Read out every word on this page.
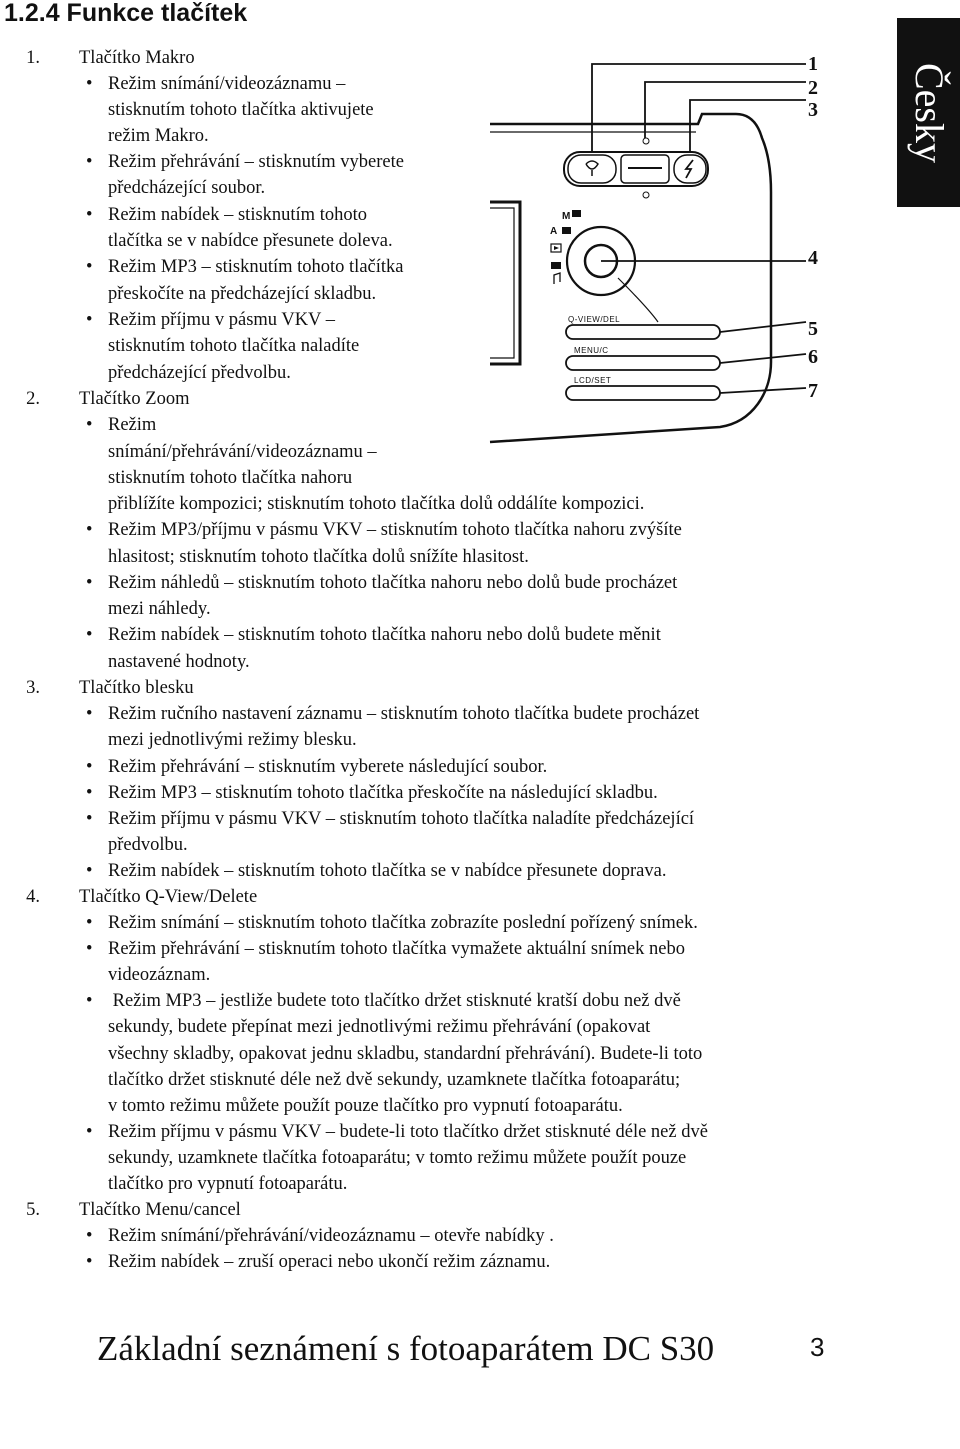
1.2.4 Funkce tlačítek
Česky
M
A
Q-VIEW/DEL
MENU/C
LCD/SET
1
2
3
4
5
6
7
1. Tlačítko Makro
• Režim snímání/videozáznamu –
stisknutím tohoto tlačítka aktivujete
režim Makro.
• Režim přehrávání – stisknutím vyberete
předcházející soubor.
• Režim nabídek – stisknutím tohoto
tlačítka se v nabídce přesunete doleva.
• Režim MP3 – stisknutím tohoto tlačítka
přeskočíte na předcházející skladbu.
• Režim příjmu v pásmu VKV –
stisknutím tohoto tlačítka naladíte
předcházející předvolbu.
2. Tlačítko Zoom
• Režim
snímání/přehrávání/videozáznamu –
stisknutím tohoto tlačítka nahoru
přiblížíte kompozici; stisknutím tohoto tlačítka dolů oddálíte kompozici.
• Režim MP3/příjmu v pásmu VKV – stisknutím tohoto tlačítka nahoru zvýšíte
hlasitost; stisknutím tohoto tlačítka dolů snížíte hlasitost.
• Režim náhledů – stisknutím tohoto tlačítka nahoru nebo dolů bude procházet
mezi náhledy.
• Režim nabídek – stisknutím tohoto tlačítka nahoru nebo dolů budete měnit
nastavené hodnoty.
3. Tlačítko blesku
• Režim ručního nastavení záznamu – stisknutím tohoto tlačítka budete procházet
mezi jednotlivými režimy blesku.
• Režim přehrávání – stisknutím vyberete následující soubor.
• Režim MP3 – stisknutím tohoto tlačítka přeskočíte na následující skladbu.
• Režim příjmu v pásmu VKV – stisknutím tohoto tlačítka naladíte předcházející
předvolbu.
• Režim nabídek – stisknutím tohoto tlačítka se v nabídce přesunete doprava.
4. Tlačítko Q-View/Delete
• Režim snímání – stisknutím tohoto tlačítka zobrazíte poslední pořízený snímek.
• Režim přehrávání – stisknutím tohoto tlačítka vymažete aktuální snímek nebo
videozáznam.
• Režim MP3 – jestliže budete toto tlačítko držet stisknuté kratší dobu než dvě
sekundy, budete přepínat mezi jednotlivými režimu přehrávání (opakovat
všechny skladby, opakovat jednu skladbu, standardní přehrávání). Budete-li toto
tlačítko držet stisknuté déle než dvě sekundy, uzamknete tlačítka fotoaparátu;
v tomto režimu můžete použít pouze tlačítko pro vypnutí fotoaparátu.
Režim příjmu v pásmu VKV – budete-li toto tlačítko držet stisknuté déle než dvě
•
sekundy, uzamknete tlačítka fotoaparátu; v tomto režimu můžete použít pouze
tlačítko pro vypnutí fotoaparátu.
5. Tlačítko Menu/cancel
• Režim snímání/přehrávání/videozáznamu – otevře nabídky .
• Režim nabídek – zruší operaci nebo ukončí režim záznamu.
Základní seznámení s fotoaparátem DC S30	3
